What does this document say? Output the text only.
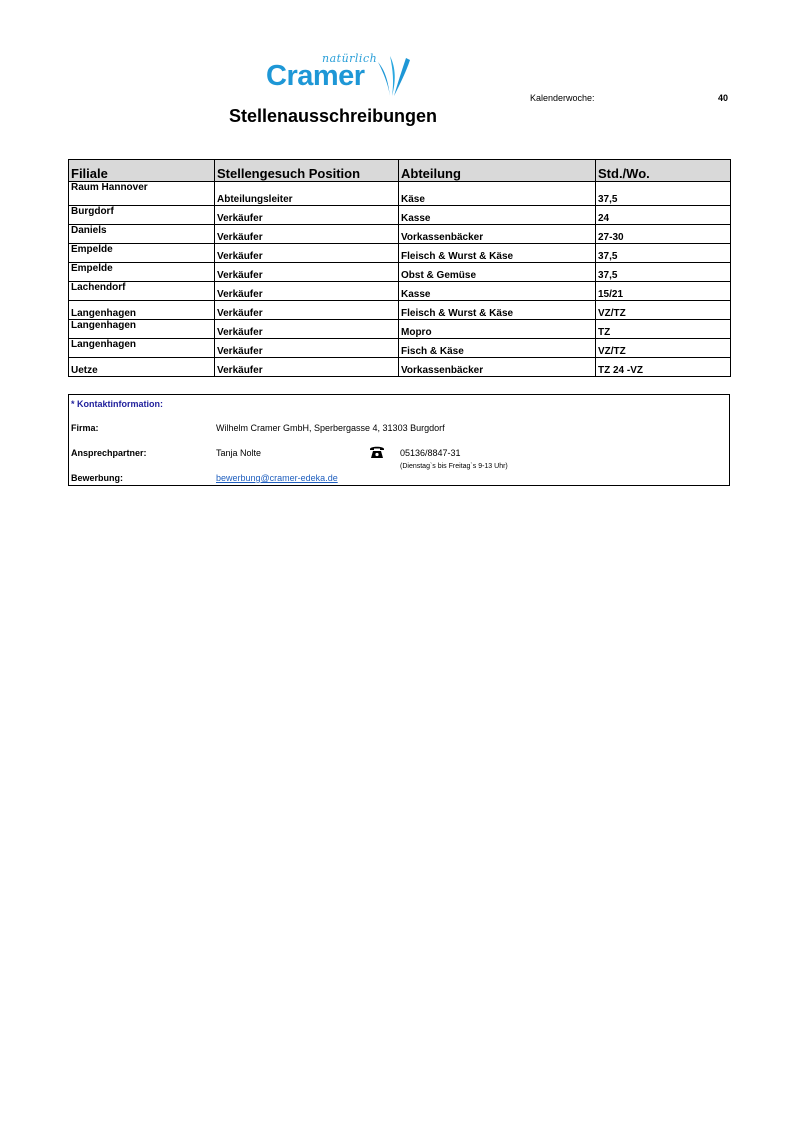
natürlich
Cramer
Stellenausschreibungen
Kalenderwoche:	40
Filiale	Stellengesuch Position	Abteilung	Std./Wo.
Raum Hannover	Abteilungsleiter	Käse	37,5
Burgdorf	Verkäufer	Kasse	24
Daniels	Verkäufer	Vorkassenbäcker	27-30
Empelde	Verkäufer	Fleisch & Wurst & Käse	37,5
Empelde	Verkäufer	Obst & Gemüse	37,5
Lachendorf	Verkäufer	Kasse	15/21
Langenhagen	Verkäufer	Fleisch & Wurst & Käse	VZ/TZ
Langenhagen	Verkäufer	Mopro	TZ
Langenhagen	Verkäufer	Fisch & Käse	VZ/TZ
Uetze	Verkäufer	Vorkassenbäcker	TZ 24 -VZ
* Kontaktinformation:
Firma:	Wilhelm Cramer GmbH, Sperbergasse 4, 31303 Burgdorf
Ansprechpartner:	Tanja Nolte	05136/8847-31
(Dienstag`s bis Freitag`s 9-13 Uhr)
Bewerbung:	bewerbung@cramer-edeka.de
